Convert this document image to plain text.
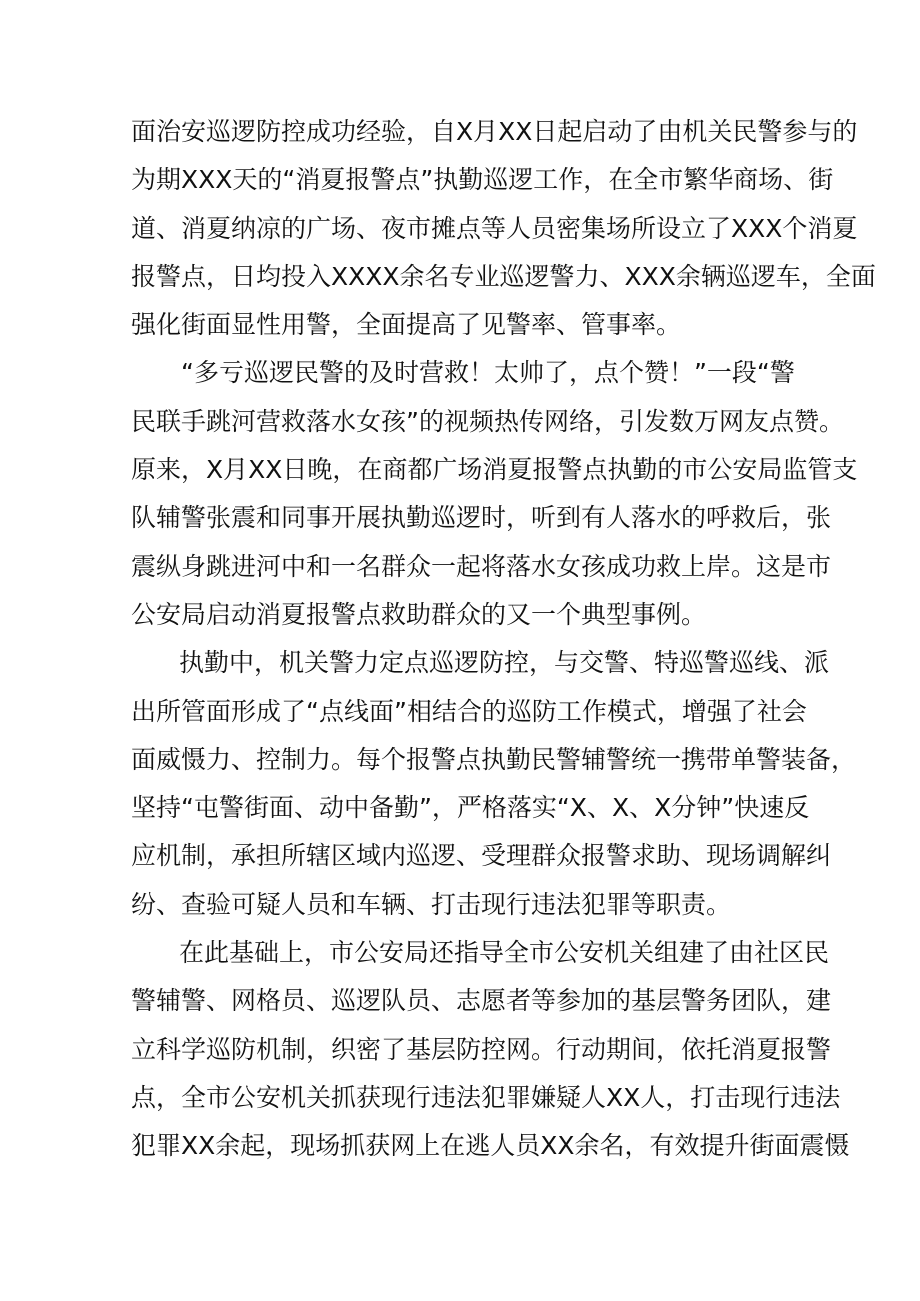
面治安巡逻防控成功经验，自X月XX日起启动了由机关民警参与的
为期XXX天的“消夏报警点”执勤巡逻工作，在全市繁华商场、街
道、消夏纳凉的广场、夜市摊点等人员密集场所设立了XXX个消夏
报警点，日均投入XXXX余名专业巡逻警力、XXX余辆巡逻车，全面
强化街面显性用警，全面提高了见警率、管事率。
“多亏巡逻民警的及时营救！太帅了，点个赞！”一段“警
民联手跳河营救落水女孩”的视频热传网络，引发数万网友点赞。
原来，X月XX日晚，在商都广场消夏报警点执勤的市公安局监管支
队辅警张震和同事开展执勤巡逻时，听到有人落水的呼救后，张
震纵身跳进河中和一名群众一起将落水女孩成功救上岸。这是市
公安局启动消夏报警点救助群众的又一个典型事例。
执勤中，机关警力定点巡逻防控，与交警、特巡警巡线、派
出所管面形成了“点线面”相结合的巡防工作模式，增强了社会
面威慑力、控制力。每个报警点执勤民警辅警统一携带单警装备，
坚持“屯警街面、动中备勤”，严格落实“X、X、X分钟”快速反
应机制，承担所辖区域内巡逻、受理群众报警求助、现场调解纠
纷、查验可疑人员和车辆、打击现行违法犯罪等职责。
在此基础上，市公安局还指导全市公安机关组建了由社区民
警辅警、网格员、巡逻队员、志愿者等参加的基层警务团队，建
立科学巡防机制，织密了基层防控网。行动期间，依托消夏报警
点，全市公安机关抓获现行违法犯罪嫌疑人XX人，打击现行违法
犯罪XX余起，现场抓获网上在逃人员XX余名，有效提升街面震慑
